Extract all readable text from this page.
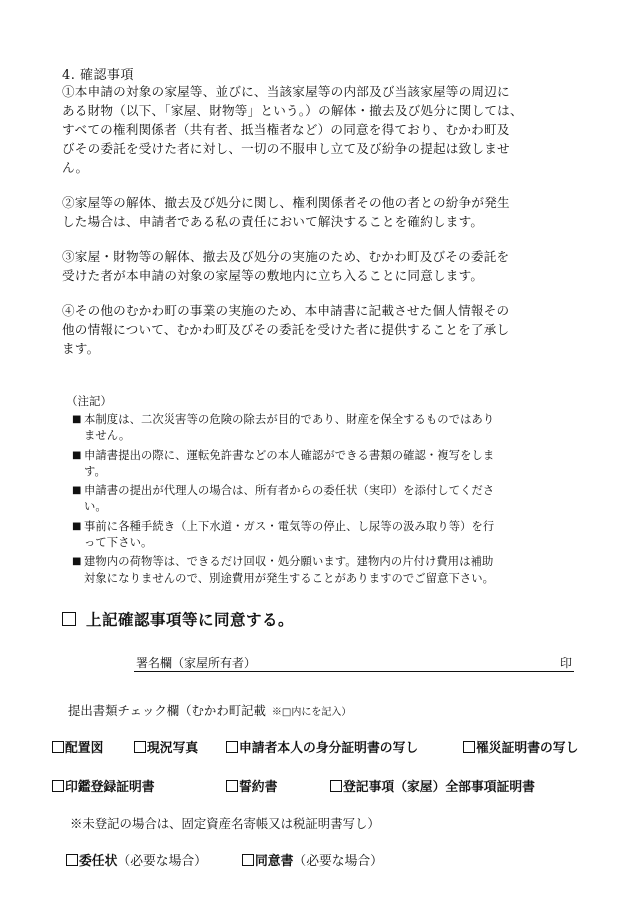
4. 確認事項
①本申請の対象の家屋等、並びに、当該家屋等の内部及び当該家屋等の周辺に
ある財物（以下、「家屋、財物等」という。）の解体・撤去及び処分に関しては、
すべての権利関係者（共有者、抵当権者など）の同意を得ており、むかわ町及
びその委託を受けた者に対し、一切の不服申し立て及び紛争の提起は致しませ
ん。
②家屋等の解体、撤去及び処分に関し、権利関係者その他の者との紛争が発生
した場合は、申請者である私の責任において解決することを確約します。
③家屋・財物等の解体、撤去及び処分の実施のため、むかわ町及びその委託を
受けた者が本申請の対象の家屋等の敷地内に立ち入ることに同意します。
④その他のむかわ町の事業の実施のため、本申請書に記載させた個人情報その
他の情報について、むかわ町及びその委託を受けた者に提供することを了承し
ます。
（注記）
■ 本制度は、二次災害等の危険の除去が目的であり、財産を保全するものではあり
ません。
■ 申請書提出の際に、運転免許書などの本人確認ができる書類の確認・複写をしま
す。
■ 申請書の提出が代理人の場合は、所有者からの委任状（実印）を添付してくださ
い。
■ 事前に各種手続き（上下水道・ガス・電気等の停止、し尿等の汲み取り等）を行
って下さい。
■ 建物内の荷物等は、できるだけ回収・処分願います。建物内の片付け費用は補助
対象になりませんので、別途費用が発生することがありますのでご留意下さい。
上記確認事項等に同意する。
署名欄（家屋所有者）	印
提出書類チェック欄（むかわ町記載 ※□内にを記入）
配置図	現況写真	申請者本人の身分証明書の写し	罹災証明書の写し
印鑑登録証明書	誓約書	登記事項（家屋）全部事項証明書
※未登記の場合は、固定資産名寄帳又は税証明書写し）
委任状（必要な場合）	同意書（必要な場合）
